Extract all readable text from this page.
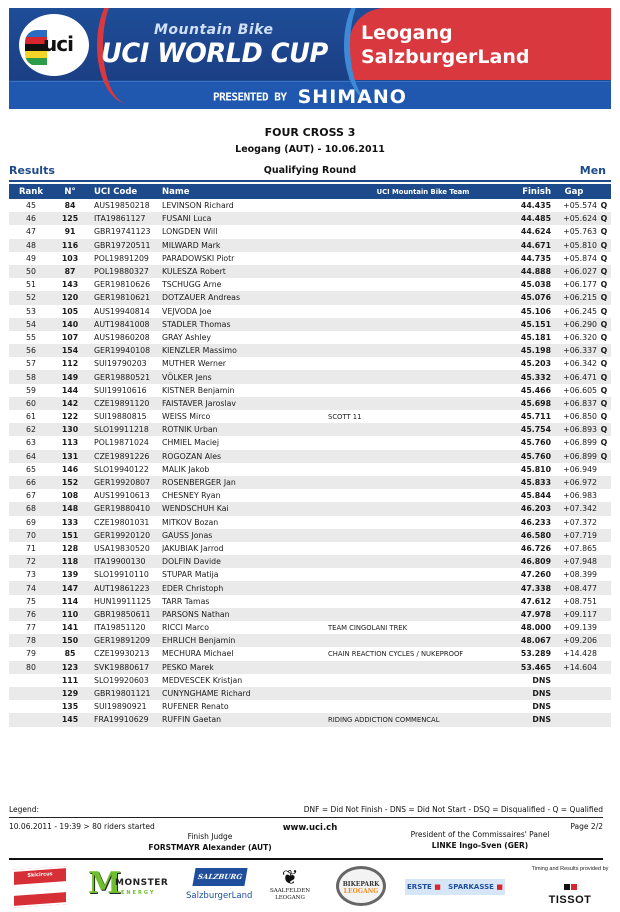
uci
Mountain Bike
UCI WORLD CUP
Leogang
SalzburgerLand
PRESENTED BY SHIMANO
FOUR CROSS 3
Leogang (AUT) - 10.06.2011
Results	Qualifying Round	Men
Rank	N°	UCI Code	Name	UCI Mountain Bike Team	Finish	Gap	
45	84	AUS19850218	LEVINSON Richard		44.435	+05.574	Q
46	125	ITA19861127	FUSANI Luca		44.485	+05.624	Q
47	91	GBR19741123	LONGDEN Will		44.624	+05.763	Q
48	116	GBR19720511	MILWARD Mark		44.671	+05.810	Q
49	103	POL19891209	PARADOWSKI Piotr		44.735	+05.874	Q
50	87	POL19880327	KULESZA Robert		44.888	+06.027	Q
51	143	GER19810626	TSCHUGG Arne		45.038	+06.177	Q
52	120	GER19810621	DOTZAUER Andreas		45.076	+06.215	Q
53	105	AUS19940814	VEJVODA Joe		45.106	+06.245	Q
54	140	AUT19841008	STADLER Thomas		45.151	+06.290	Q
55	107	AUS19860208	GRAY Ashley		45.181	+06.320	Q
56	154	GER19940108	KIENZLER Massimo		45.198	+06.337	Q
57	112	SUI19790203	MUTHER Werner		45.203	+06.342	Q
58	149	GER19880521	VÖLKER Jens		45.332	+06.471	Q
59	144	SUI19910616	KISTNER Benjamin		45.466	+06.605	Q
60	142	CZE19891120	FAISTAVER Jaroslav		45.698	+06.837	Q
61	122	SUI19880815	WEISS Mirco	SCOTT 11	45.711	+06.850	Q
62	130	SLO19911218	ROTNIK Urban		45.754	+06.893	Q
63	113	POL19871024	CHMIEL Maciej		45.760	+06.899	Q
64	131	CZE19891226	ROGOZAN Ales		45.760	+06.899	Q
65	146	SLO19940122	MALIK Jakob		45.810	+06.949	
66	152	GER19920807	ROSENBERGER Jan		45.833	+06.972	
67	108	AUS19910613	CHESNEY Ryan		45.844	+06.983	
68	148	GER19880410	WENDSCHUH Kai		46.203	+07.342	
69	133	CZE19801031	MITKOV Bozan		46.233	+07.372	
70	151	GER19920120	GAUSS Jonas		46.580	+07.719	
71	128	USA19830520	JAKUBIAK Jarrod		46.726	+07.865	
72	118	ITA19900130	DOLFIN Davide		46.809	+07.948	
73	139	SLO19910110	STUPAR Matija		47.260	+08.399	
74	147	AUT19861223	EDER Christoph		47.338	+08.477	
75	114	HUN19911125	TARR Tamas		47.612	+08.751	
76	110	GBR19850611	PARSONS Nathan		47.978	+09.117	
77	141	ITA19851120	RICCI Marco	TEAM CINGOLANI TREK	48.000	+09.139	
78	150	GER19891209	EHRLICH Benjamin		48.067	+09.206	
79	85	CZE19930213	MECHURA Michael	CHAIN REACTION CYCLES / NUKEPROOF	53.289	+14.428	
80	123	SVK19880617	PESKO Marek		53.465	+14.604	
	111	SLO19920603	MEDVESCEK Kristjan		DNS		
	129	GBR19801121	CUNYNGHAME Richard		DNS		
	135	SUI19890921	RUFENER Renato		DNS		
	145	FRA19910629	RUFFIN Gaetan	RIDING ADDICTION COMMENCAL	DNS		
Legend:	DNF = Did Not Finish - DNS = Did Not Start - DSQ = Disqualified - Q = Qualified
10.06.2011 - 19:39 > 80 riders started	www.uci.ch	Page 2/2
Finish Judge
FORSTMAYR Alexander (AUT)
President of the Commissaires' Panel
LINKE Ingo-Sven (GER)
Skicircus	M
MONSTER
ENERGY
SALZBURG
SalzburgerLand
❦
SAALFELDEN
LEOGANG
BIKEPARK
LEOGANG
ERSTE ■ SPARKASSE ■
Timing and Results provided by
TISSOT
